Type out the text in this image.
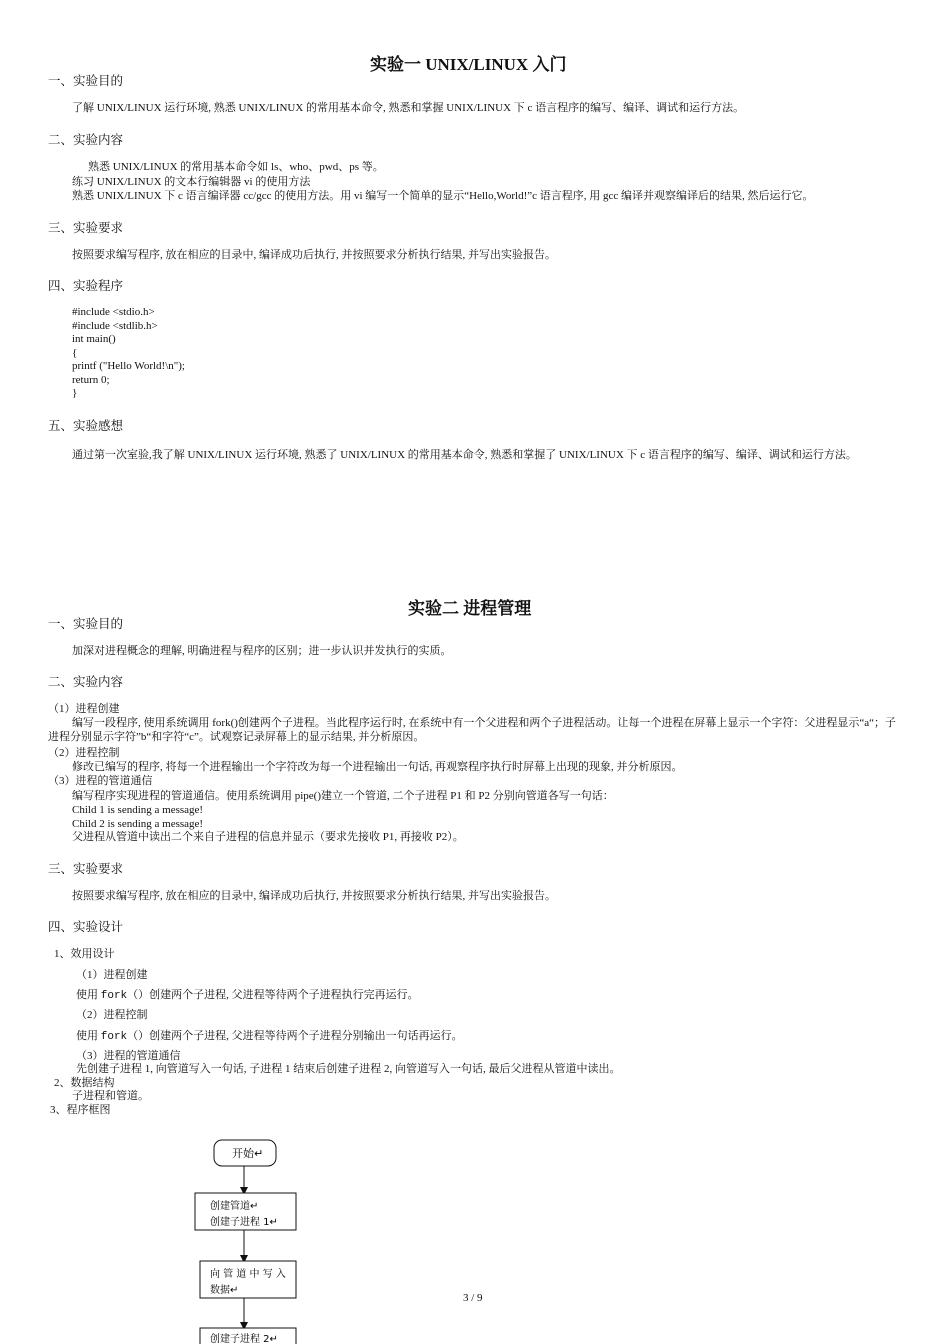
实验一 UNIX/LINUX 入门
一、实验目的
了解 UNIX/LINUX 运行环境, 熟悉 UNIX/LINUX 的常用基本命令, 熟悉和掌握 UNIX/LINUX 下 c 语言程序的编写、编译、调试和运行方法。
二、实验内容
熟悉 UNIX/LINUX 的常用基本命令如 ls、who、pwd、ps 等。
练习 UNIX/LINUX 的文本行编辑器 vi 的使用方法
熟悉 UNIX/LINUX 下 c 语言编译器 cc/gcc 的使用方法。用 vi 编写一个简单的显示“Hello,World!”c 语言程序, 用 gcc 编译并观察编译后的结果, 然后运行它。
三、实验要求
按照要求编写程序, 放在相应的目录中, 编译成功后执行, 并按照要求分析执行结果, 并写出实验报告。
四、实验程序
#include <stdio.h>
#include <stdlib.h>
int main()
{
printf ("Hello World!\n");
return 0;
}
五、实验感想
通过第一次室验,我了解 UNIX/LINUX 运行环境, 熟悉了 UNIX/LINUX 的常用基本命令, 熟悉和掌握了 UNIX/LINUX 下 c 语言程序的编写、编译、调试和运行方法。
实验二 进程管理
一、实验目的
加深对进程概念的理解, 明确进程与程序的区别；进一步认识并发执行的实质。
二、实验内容
（1）进程创建
编写一段程序, 使用系统调用 fork()创建两个子进程。当此程序运行时, 在系统中有一个父进程和两个子进程活动。让每一个进程在屏幕上显示一个字符：父进程显示“a“；子进程分别显示字符”b“和字符“c”。试观察记录屏幕上的显示结果, 并分析原因。
（2）进程控制
修改已编写的程序, 将每一个进程输出一个字符改为每一个进程输出一句话, 再观察程序执行时屏幕上出现的现象, 并分析原因。
（3）进程的管道通信
编写程序实现进程的管道通信。使用系统调用 pipe()建立一个管道, 二个子进程 P1 和 P2 分别向管道各写一句话：
Child 1 is sending a message!
Child 2 is sending a message!
父进程从管道中读出二个来自子进程的信息并显示（要求先接收 P1, 再接收 P2）。
三、实验要求
按照要求编写程序, 放在相应的目录中, 编译成功后执行, 并按照要求分析执行结果, 并写出实验报告。
四、实验设计
1、效用设计
（1）进程创建
使用 fork（）创建两个子进程, 父进程等待两个子进程执行完再运行。
（2）进程控制
使用 fork（）创建两个子进程, 父进程等待两个子进程分别输出一句话再运行。
（3）进程的管道通信
先创建子进程 1, 向管道写入一句话, 子进程 1 结束后创建子进程 2, 向管道写入一句话, 最后父进程从管道中读出。
2、数据结构
子进程和管道。
3、程序框图
开始↵
创建管道↵
创建子进程 1↵
向 管 道 中 写 入
数据↵
创建子进程 2↵
3 / 9
